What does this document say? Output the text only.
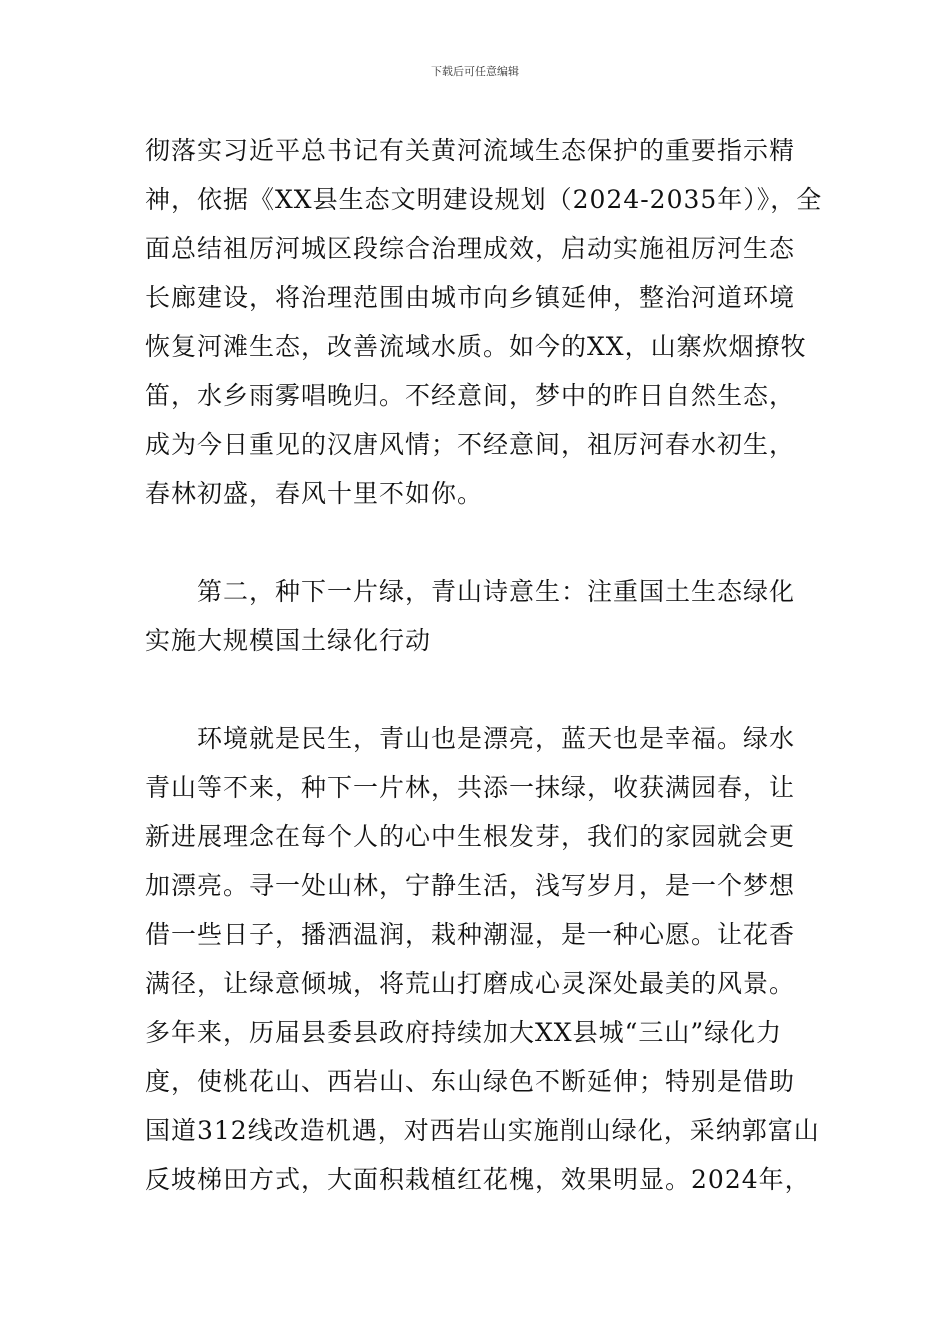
下载后可任意编辑
彻落实习近平总书记有关黄河流域生态保护的重要指示精
神，依据《XX县生态文明建设规划（2024-2035年）》，全
面总结祖厉河城区段综合治理成效，启动实施祖厉河生态
长廊建设，将治理范围由城市向乡镇延伸，整治河道环境
恢复河滩生态，改善流域水质。如今的XX，山寨炊烟撩牧
笛，水乡雨雾唱晚归。不经意间，梦中的昨日自然生态，
成为今日重见的汉唐风情；不经意间，祖厉河春水初生，
春林初盛，春风十里不如你。
第二，种下一片绿，青山诗意生：注重国土生态绿化
实施大规模国土绿化行动
环境就是民生，青山也是漂亮，蓝天也是幸福。绿水
青山等不来，种下一片林，共添一抹绿，收获满园春，让
新进展理念在每个人的心中生根发芽，我们的家园就会更
加漂亮。寻一处山林，宁静生活，浅写岁月，是一个梦想
借一些日子，播洒温润，栽种潮湿，是一种心愿。让花香
满径，让绿意倾城，将荒山打磨成心灵深处最美的风景。
多年来，历届县委县政府持续加大XX县城“三山”绿化力
度，使桃花山、西岩山、东山绿色不断延伸；特别是借助
国道312线改造机遇，对西岩山实施削山绿化，采纳郭富山
反坡梯田方式，大面积栽植红花槐，效果明显。2024年，
